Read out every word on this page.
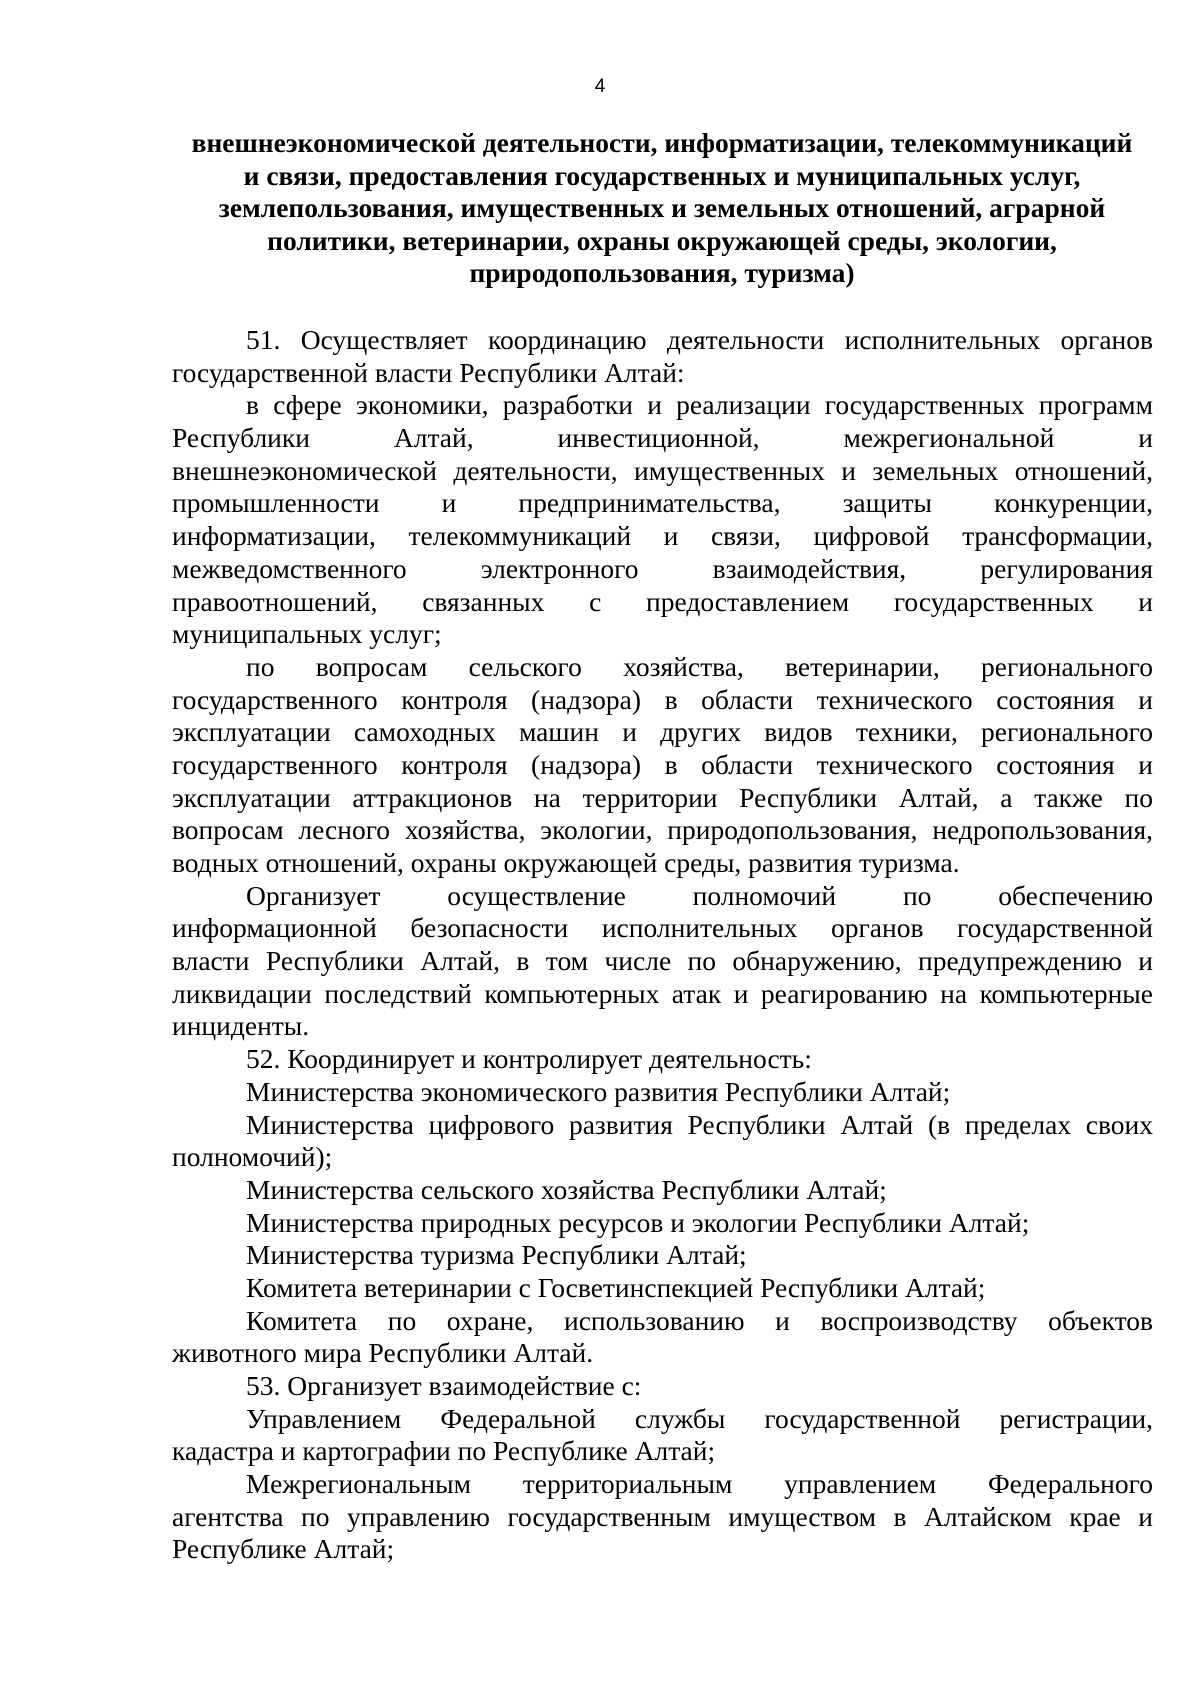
4
внешнеэкономической деятельности, информатизации, телекоммуникаций
и связи, предоставления государственных и муниципальных услуг,
землепользования, имущественных и земельных отношений, аграрной
политики, ветеринарии, охраны окружающей среды, экологии,
природопользования, туризма)
51. Осуществляет координацию деятельности исполнительных органов
государственной власти Республики Алтай:
в сфере экономики, разработки и реализации государственных программ
Республики Алтай, инвестиционной, межрегиональной и
внешнеэкономической деятельности, имущественных и земельных отношений,
промышленности и предпринимательства, защиты конкуренции,
информатизации, телекоммуникаций и связи, цифровой трансформации,
межведомственного электронного взаимодействия, регулирования
правоотношений, связанных с предоставлением государственных и
муниципальных услуг;
по вопросам сельского хозяйства, ветеринарии, регионального
государственного контроля (надзора) в области технического состояния и
эксплуатации самоходных машин и других видов техники, регионального
государственного контроля (надзора) в области технического состояния и
эксплуатации аттракционов на территории Республики Алтай, а также по
вопросам лесного хозяйства, экологии, природопользования, недропользования,
водных отношений, охраны окружающей среды, развития туризма.
Организует осуществление полномочий по обеспечению
информационной безопасности исполнительных органов государственной
власти Республики Алтай, в том числе по обнаружению, предупреждению и
ликвидации последствий компьютерных атак и реагированию на компьютерные
инциденты.
52. Координирует и контролирует деятельность:
Министерства экономического развития Республики Алтай;
Министерства цифрового развития Республики Алтай (в пределах своих
полномочий);
Министерства сельского хозяйства Республики Алтай;
Министерства природных ресурсов и экологии Республики Алтай;
Министерства туризма Республики Алтай;
Комитета ветеринарии с Госветинспекцией Республики Алтай;
Комитета по охране, использованию и воспроизводству объектов
животного мира Республики Алтай.
53. Организует взаимодействие с:
Управлением Федеральной службы государственной регистрации,
кадастра и картографии по Республике Алтай;
Межрегиональным территориальным управлением Федерального
агентства по управлению государственным имуществом в Алтайском крае и
Республике Алтай;
